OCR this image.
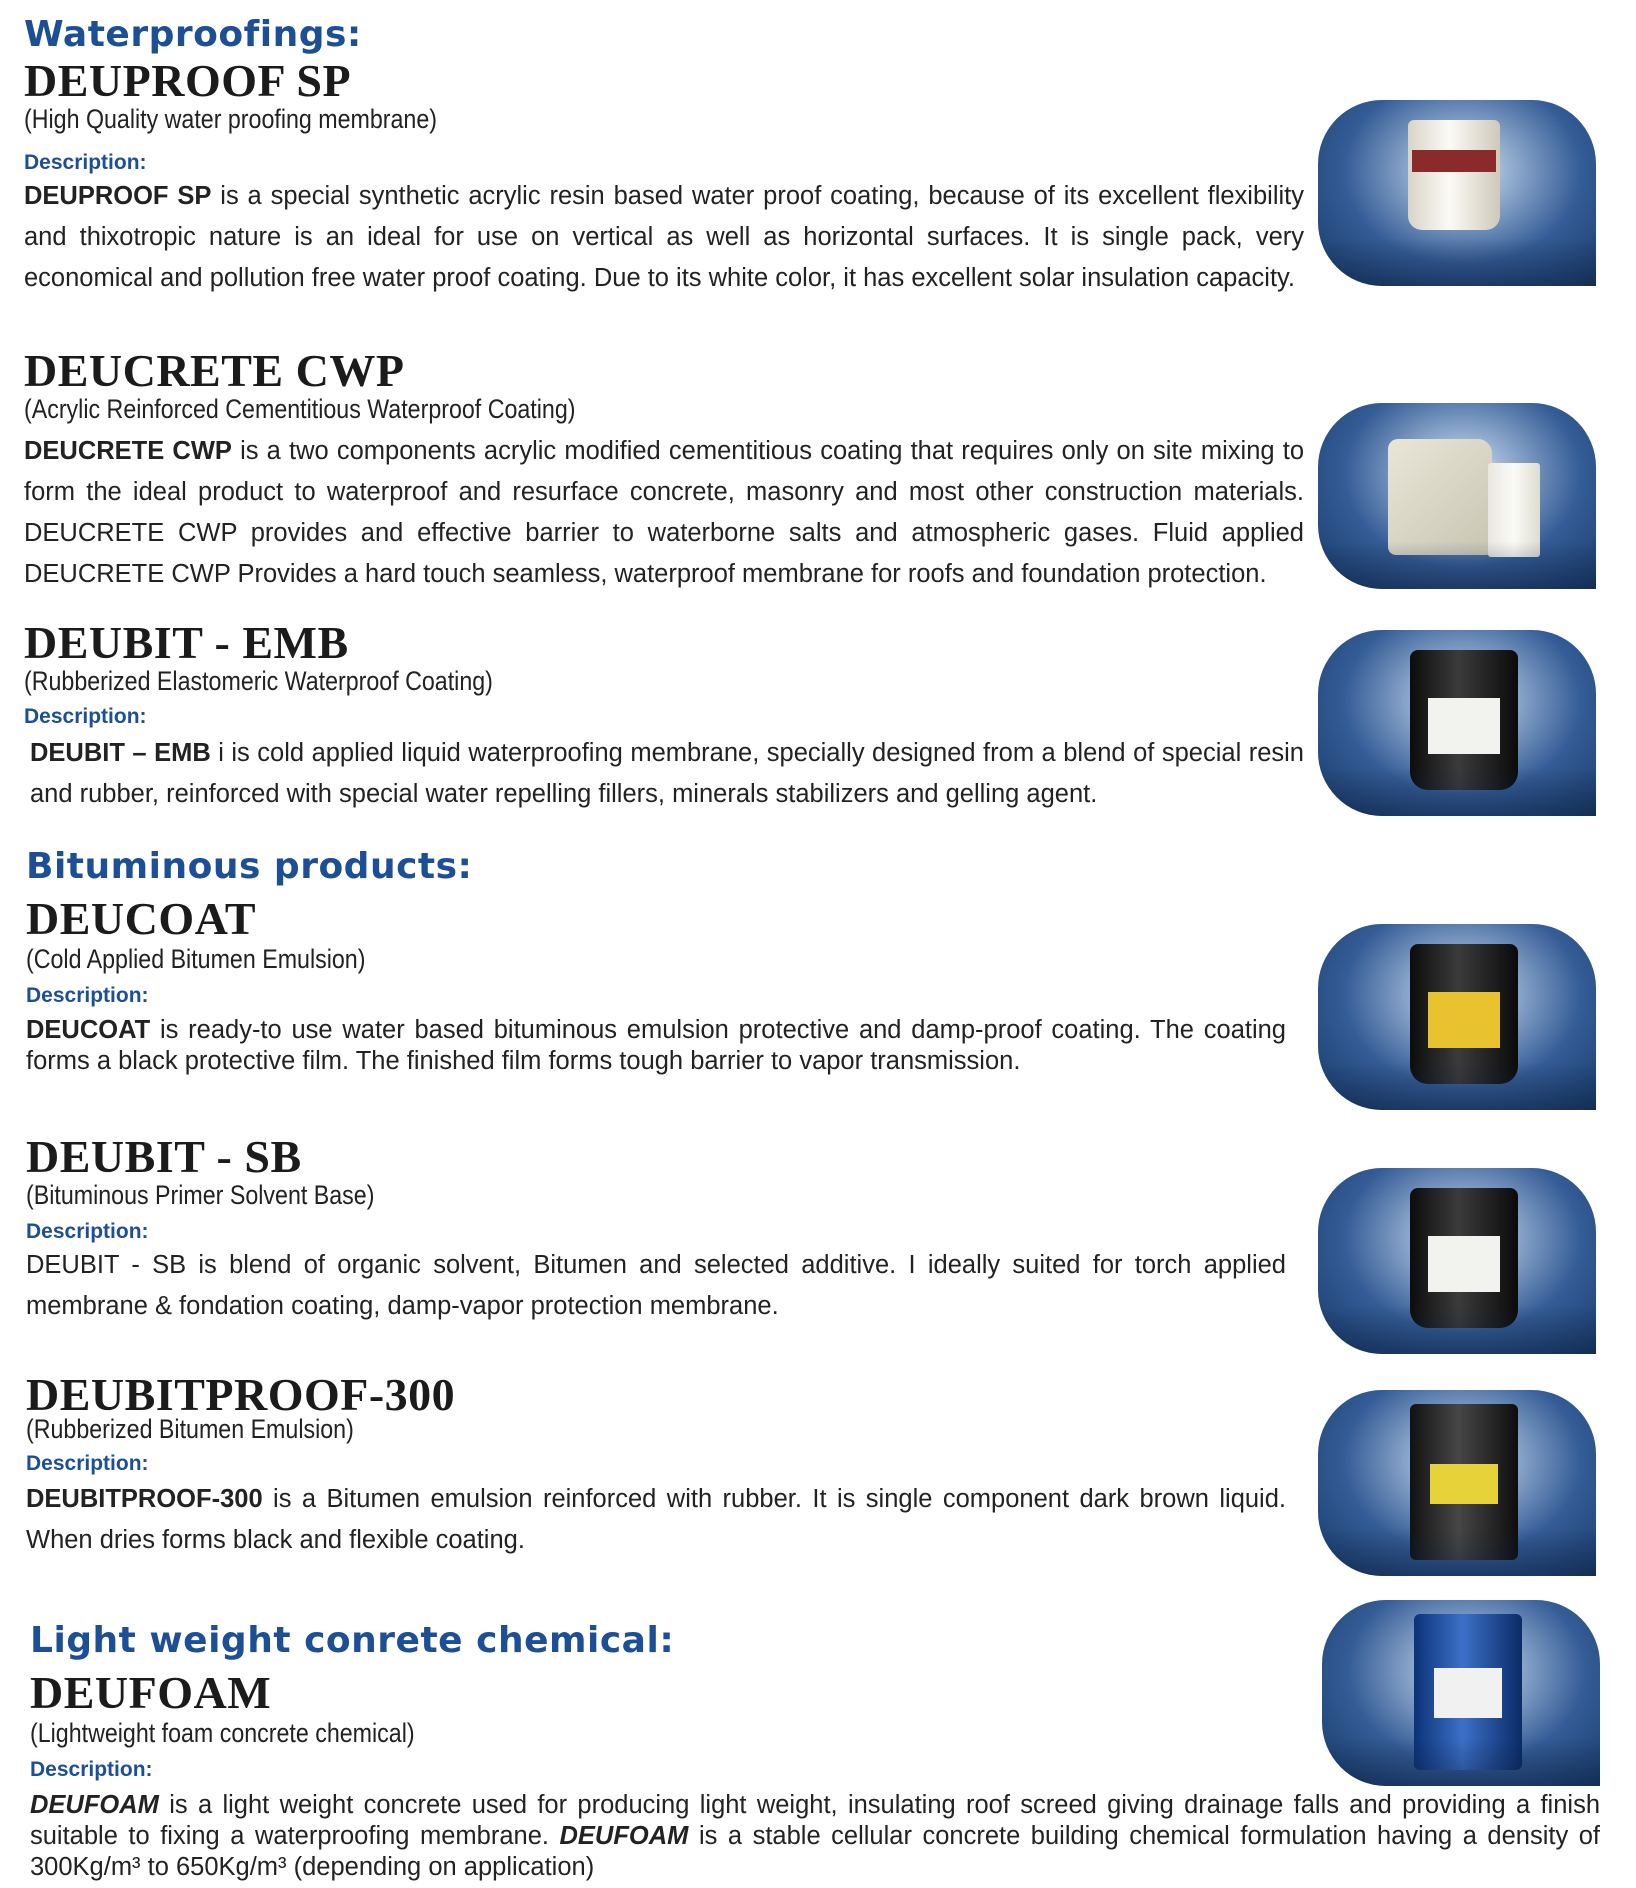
Waterproofings:
DEUPROOF SP
(High Quality water proofing membrane)
Description:
DEUPROOF SP is a special synthetic acrylic resin based water proof coating, because of its excellent flexibility and thixotropic nature is an ideal for use on vertical as well as horizontal surfaces. It is single pack, very economical and pollution free water proof coating. Due to its white color, it has excellent solar insulation capacity.
DEUCRETE CWP
(Acrylic Reinforced Cementitious Waterproof Coating)
DEUCRETE CWP is a two components acrylic modified cementitious coating that requires only on site mixing to form the ideal product to waterproof and resurface concrete, masonry and most other construction materials. DEUCRETE CWP provides and effective barrier to waterborne salts and atmospheric gases. Fluid applied DEUCRETE CWP Provides a hard touch seamless, waterproof membrane for roofs and foundation protection.
DEUBIT - EMB
(Rubberized Elastomeric Waterproof Coating)
Description:
DEUBIT – EMB i is cold applied liquid waterproofing membrane, specially designed from a blend of special resin and rubber, reinforced with special water repelling fillers, minerals stabilizers and gelling agent.
Bituminous products:
DEUCOAT
(Cold Applied Bitumen Emulsion)
Description:
DEUCOAT is ready-to use water based bituminous emulsion protective and damp-proof coating. The coating forms a black protective film. The finished film forms tough barrier to vapor transmission.
DEUBIT - SB
(Bituminous Primer Solvent Base)
Description:
DEUBIT - SB is blend of organic solvent, Bitumen and selected additive. I ideally suited for torch applied membrane & fondation coating, damp-vapor protection membrane.
DEUBITPROOF-300
(Rubberized Bitumen Emulsion)
Description:
DEUBITPROOF-300 is a Bitumen emulsion reinforced with rubber. It is single component dark brown liquid. When dries forms black and flexible coating.
Light weight conrete chemical:
DEUFOAM
(Lightweight foam concrete chemical)
Description:
DEUFOAM is a light weight concrete used for producing light weight, insulating roof screed giving drainage falls and providing a finish suitable to fixing a waterproofing membrane. DEUFOAM is a stable cellular concrete building chemical formulation having a density of 300Kg/m³ to 650Kg/m³ (depending on application)
